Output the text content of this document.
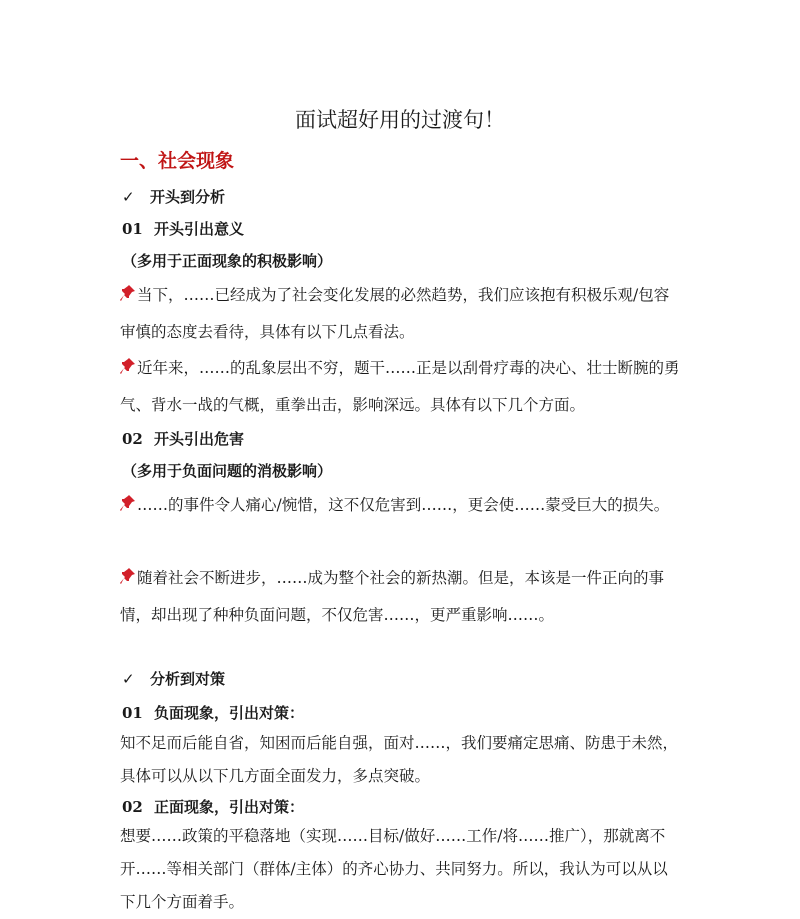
面试超好用的过渡句！
一、社会现象
✓ 开头到分析
01 开头引出意义
（多用于正面现象的积极影响）
当下，……已经成为了社会变化发展的必然趋势，我们应该抱有积极乐观/包容审慎的态度去看待，具体有以下几点看法。
近年来，……的乱象层出不穷，题干……正是以刮骨疗毒的决心、壮士断腕的勇气、背水一战的气概，重拳出击，影响深远。具体有以下几个方面。
02 开头引出危害
（多用于负面问题的消极影响）
……的事件令人痛心/惋惜，这不仅危害到……，更会使……蒙受巨大的损失。
随着社会不断进步，……成为整个社会的新热潮。但是，本该是一件正向的事情，却出现了种种负面问题，不仅危害……，更严重影响……。
✓ 分析到对策
01 负面现象，引出对策：
知不足而后能自省，知困而后能自强，面对……，我们要痛定思痛、防患于未然，具体可以从以下几方面全面发力，多点突破。
02 正面现象，引出对策：
想要……政策的平稳落地（实现……目标/做好……工作/将……推广），那就离不开……等相关部门（群体/主体）的齐心协力、共同努力。所以，我认为可以从以下几个方面着手。
